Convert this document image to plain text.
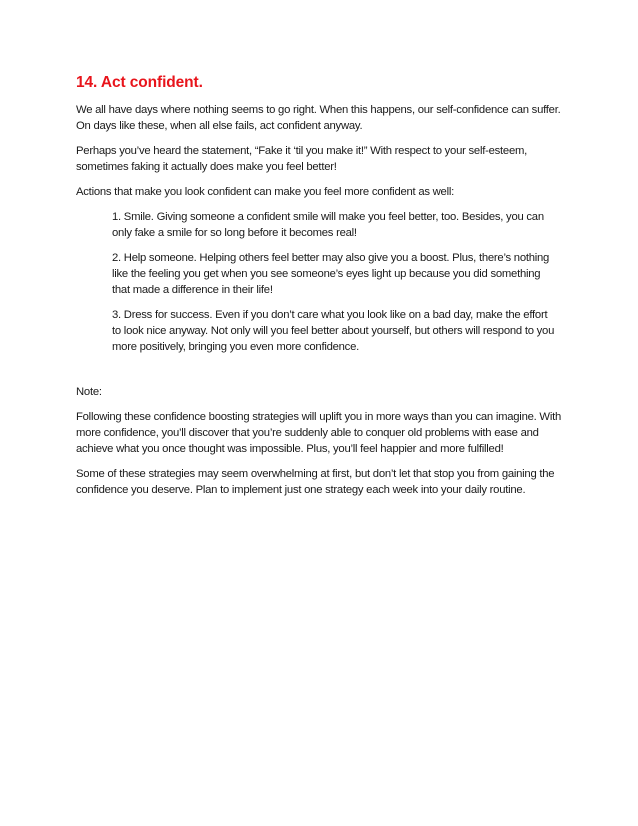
14. Act confident.

We all have days where nothing seems to go right. When this happens, our self-confidence can suffer. On days like these, when all else fails, act confident anyway.

Perhaps you’ve heard the statement, “Fake it ‘til you make it!” With respect to your self-esteem, sometimes faking it actually does make you feel better!

Actions that make you look confident can make you feel more confident as well:

1. Smile. Giving someone a confident smile will make you feel better, too. Besides, you can only fake a smile for so long before it becomes real!

2. Help someone. Helping others feel better may also give you a boost. Plus, there’s nothing like the feeling you get when you see someone’s eyes light up because you did something that made a difference in their life!

3. Dress for success. Even if you don’t care what you look like on a bad day, make the effort to look nice anyway. Not only will you feel better about yourself, but others will respond to you more positively, bringing you even more confidence.

Note:

Following these confidence boosting strategies will uplift you in more ways than you can imagine. With more confidence, you’ll discover that you’re suddenly able to conquer old problems with ease and achieve what you once thought was impossible. Plus, you’ll feel happier and more fulfilled!

Some of these strategies may seem overwhelming at first, but don’t let that stop you from gaining the confidence you deserve. Plan to implement just one strategy each week into your daily routine.
